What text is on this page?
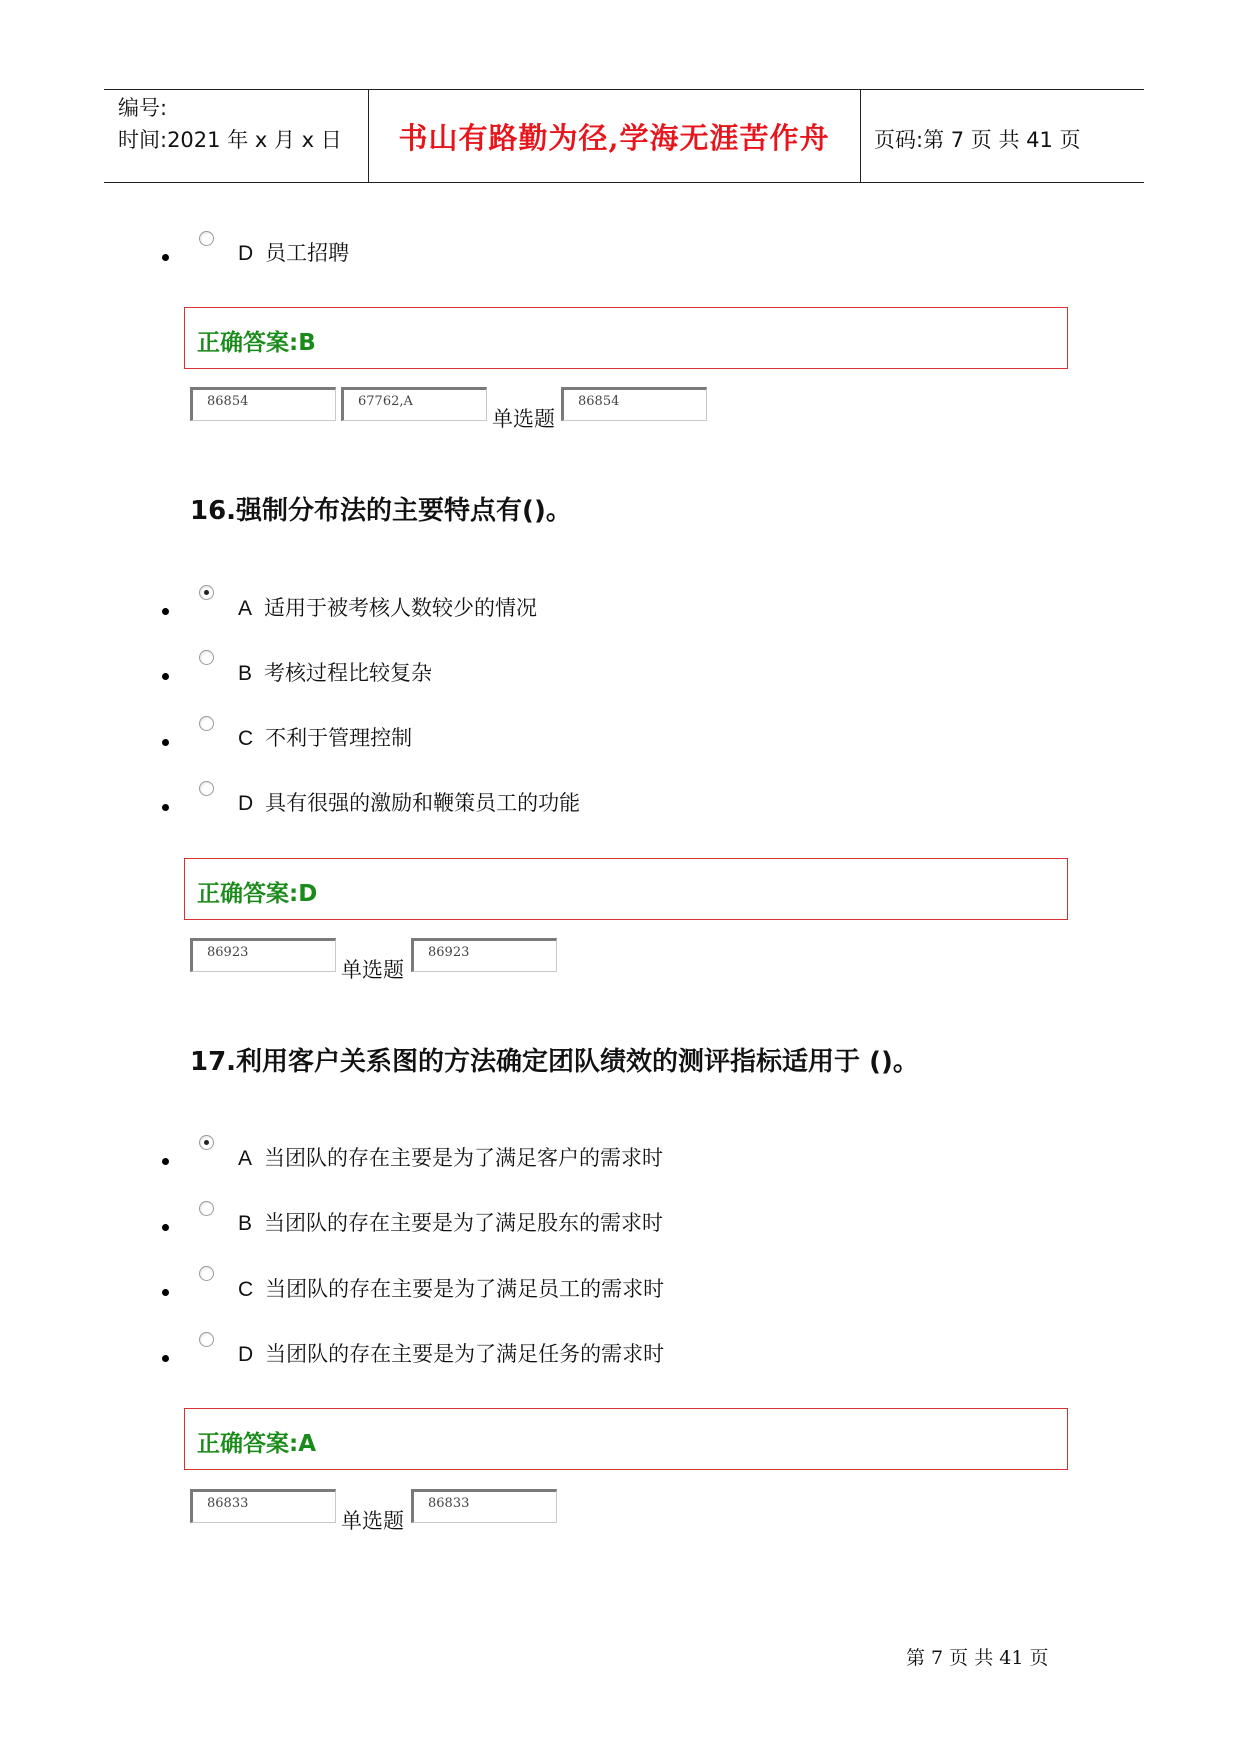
编号:
时间:2021 年 x 月 x 日	书山有路勤为径,学海无涯苦作舟	页码:第 7 页 共 41 页
D 员工招聘
正确答案:B
86854	67762,A
单选题
86854
16.强制分布法的主要特点有()。
A 适用于被考核人数较少的情况
B 考核过程比较复杂
C 不利于管理控制
D 具有很强的激励和鞭策员工的功能
正确答案:D
86923
单选题
86923
17.利用客户关系图的方法确定团队绩效的测评指标适用于 ()。
A 当团队的存在主要是为了满足客户的需求时
B 当团队的存在主要是为了满足股东的需求时
C 当团队的存在主要是为了满足员工的需求时
D 当团队的存在主要是为了满足任务的需求时
正确答案:A
86833
单选题
86833
第 7 页 共 41 页
